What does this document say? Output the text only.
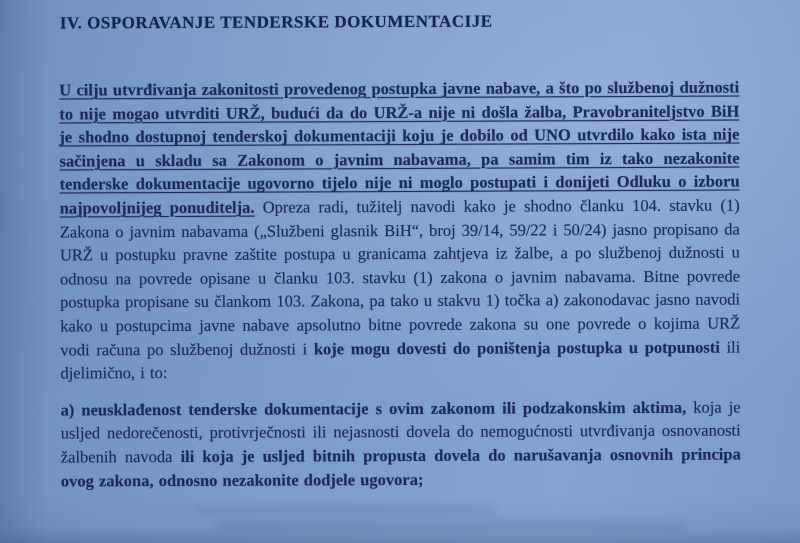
IV. OSPORAVANJE TENDERSKE DOKUMENTACIJE

U cilju utvrđivanja zakonitosti provedenog postupka javne nabave, a što po službenoj dužnosti to nije mogao utvrditi URŽ, budući da do URŽ-a nije ni došla žalba, Pravobraniteljstvo BiH je shodno dostupnoj tenderskoj dokumentaciji koju je dobilo od UNO utvrdilo kako ista nije sačinjena u skladu sa Zakonom o javnim nabavama, pa samim tim iz tako nezakonite tenderske dokumentacije ugovorno tijelo nije ni moglo postupati i donijeti Odluku o izboru najpovoljnijeg ponuditelja. Opreza radi, tužitelj navodi kako je shodno članku 104. stavku (1) Zakona o javnim nabavama („Službeni glasnik BiH“, broj 39/14, 59/22 i 50/24) jasno propisano da URŽ u postupku pravne zaštite postupa u granicama zahtjeva iz žalbe, a po službenoj dužnosti u odnosu na povrede opisane u članku 103. stavku (1) zakona o javnim nabavama. Bitne povrede postupka propisane su člankom 103. Zakona, pa tako u stakvu 1) točka a) zakonodavac jasno navodi kako u postupcima javne nabave apsolutno bitne povrede zakona su one povrede o kojima URŽ vodi računa po službenoj dužnosti i koje mogu dovesti do poništenja postupka u potpunosti ili djelimično, i to:

a) neusklađenost tenderske dokumentacije s ovim zakonom ili podzakonskim aktima, koja je usljed nedorečenosti, protivrječnosti ili nejasnosti dovela do nemogućnosti utvrđivanja osnovanosti žalbenih navoda ili koja je usljed bitnih propusta dovela do narušavanja osnovnih principa ovog zakona, odnosno nezakonite dodjele ugovora;
